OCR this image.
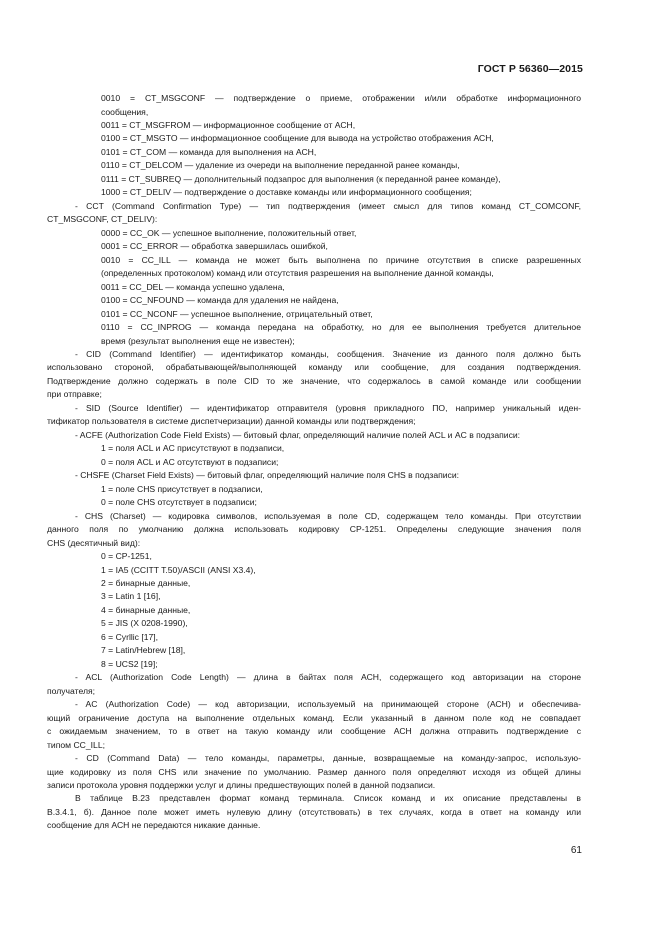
ГОСТ Р 56360—2015
0010 = CT_MSGCONF — подтверждение о приеме, отображении и/или обработке информационного
сообщения,
0011 = CT_MSGFROM — информационное сообщение от АСН,
0100 = CT_MSGTO — информационное сообщение для вывода на устройство отображения АСН,
0101 = CT_COM — команда для выполнения на АСН,
0110 = CT_DELCOM — удаление из очереди на выполнение переданной ранее команды,
0111 = CT_SUBREQ — дополнительный подзапрос для выполнения (к переданной ранее команде),
1000 = CT_DELIV — подтверждение о доставке команды или информационного сообщения;
- CCT (Command Confirmation Type) — тип подтверждения (имеет смысл для типов команд CT_COMCONF,
CT_MSGCONF, CT_DELIV):
0000 = CC_OK — успешное выполнение, положительный ответ,
0001 = CC_ERROR — обработка завершилась ошибкой,
0010 = CC_ILL — команда не может быть выполнена по причине отсутствия в списке разрешенных
(определенных протоколом) команд или отсутствия разрешения на выполнение данной команды,
0011 = CC_DEL — команда успешно удалена,
0100 = CC_NFOUND — команда для удаления не найдена,
0101 = CC_NCONF — успешное выполнение, отрицательный ответ,
0110 = CC_INPROG — команда передана на обработку, но для ее выполнения требуется длительное
время (результат выполнения еще не известен);
- CID (Command Identifier) — идентификатор команды, сообщения. Значение из данного поля должно быть
использовано стороной, обрабатывающей/выполняющей команду или сообщение, для создания подтверждения.
Подтверждение должно содержать в поле CID то же значение, что содержалось в самой команде или сообщении
при отправке;
- SID (Source Identifier) — идентификатор отправителя (уровня прикладного ПО, например уникальный иден-
тификатор пользователя в системе диспетчеризации) данной команды или подтверждения;
- ACFE (Authorization Code Field Exists) — битовый флаг, определяющий наличие полей ACL и AC в подзаписи:
1 = поля ACL и AC присутствуют в подзаписи,
0 = поля ACL и AC отсутствуют в подзаписи;
- CHSFE (Charset Field Exists) — битовый флаг, определяющий наличие поля CHS в подзаписи:
1 = поле CHS присутствует в подзаписи,
0 = поле CHS отсутствует в подзаписи;
- CHS (Charset) — кодировка символов, используемая в поле CD, содержащем тело команды. При отсутствии
данного поля по умолчанию должна использовать кодировку СР-1251. Определены следующие значения поля
CHS (десятичный вид):
0 = CP-1251,
1 = IA5 (CCITT T.50)/ASCII (ANSI X3.4),
2 = бинарные данные,
3 = Latin 1 [16],
4 = бинарные данные,
5 = JIS (X 0208-1990),
6 = Cyrllic [17],
7 = Latin/Hebrew [18],
8 = UCS2 [19];
- ACL (Authorization Code Length) — длина в байтах поля АСН, содержащего код авторизации на стороне
получателя;
- AC (Authorization Code) — код авторизации, используемый на принимающей стороне (АСН) и обеспечива-
ющий ограничение доступа на выполнение отдельных команд. Если указанный в данном поле код не совпадает
с ожидаемым значением, то в ответ на такую команду или сообщение АСН должна отправить подтверждение с
типом CC_ILL;
- CD (Command Data) — тело команды, параметры, данные, возвращаемые на команду-запрос, использую-
щие кодировку из поля CHS или значение по умолчанию. Размер данного поля определяют исходя из общей длины
записи протокола уровня поддержки услуг и длины предшествующих полей в данной подзаписи.
В таблице В.23 представлен формат команд терминала. Список команд и их описание представлены в
В.3.4.1, б). Данное поле может иметь нулевую длину (отсутствовать) в тех случаях, когда в ответ на команду или
сообщение для АСН не передаются никакие данные.
61
